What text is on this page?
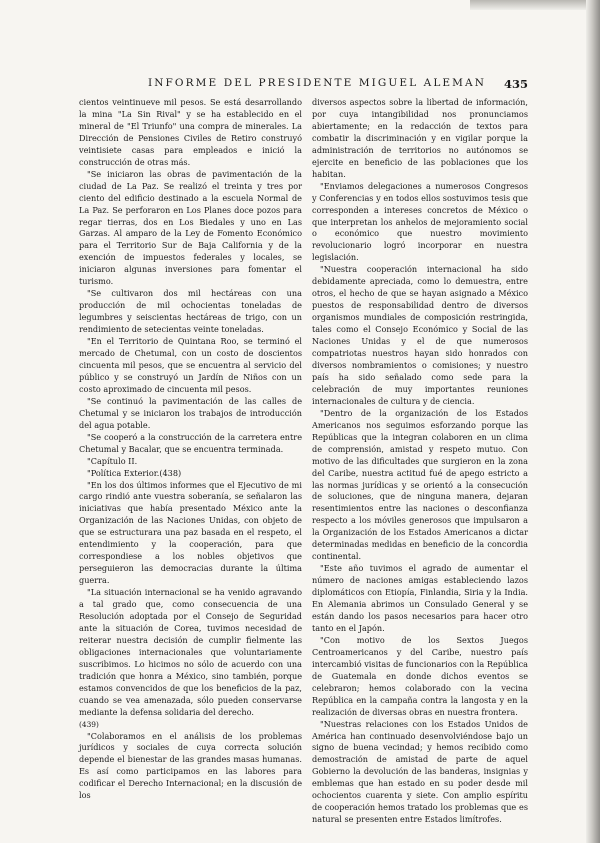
INFORME DEL PRESIDENTE MIGUEL ALEMAN 435

cientos veintinueve mil pesos. Se está desarrollando la mina "La Sin Rival" y se ha establecido en el mineral de "El Triunfo" una compra de minerales. La Dirección de Pensiones Civiles de Retiro construyó veintisiete casas para empleados e inició la construcción de otras más.

"Se iniciaron las obras de pavimentación de la ciudad de La Paz. Se realizó el treinta y tres por ciento del edificio destinado a la escuela Normal de La Paz. Se perforaron en Los Planes doce pozos para regar tierras, dos en Los Biedales y uno en Las Garzas. Al amparo de la Ley de Fomento Económico para el Territorio Sur de Baja California y de la exención de impuestos federales y locales, se iniciaron algunas inversiones para fomentar el turismo.

"Se cultivaron dos mil hectáreas con una producción de mil ochocientas toneladas de legumbres y seiscientas hectáreas de trigo, con un rendimiento de setecientas veinte toneladas.

"En el Territorio de Quintana Roo, se terminó el mercado de Chetumal, con un costo de doscientos cincuenta mil pesos, que se encuentra al servicio del público y se construyó un Jardín de Niños con un costo aproximado de cincuenta mil pesos.

"Se continuó la pavimentación de las calles de Chetumal y se iniciaron los trabajos de introducción del agua potable.

"Se cooperó a la construcción de la carretera entre Chetumal y Bacalar, que se encuentra terminada.

"Capítulo II.

"Política Exterior.(438)

"En los dos últimos informes que el Ejecutivo de mi cargo rindió ante vuestra soberanía, se señalaron las iniciativas que había presentado México ante la Organización de las Naciones Unidas, con objeto de que se estructurara una paz basada en el respeto, el entendimiento y la cooperación, para que correspondiese a los nobles objetivos que perseguieron las democracias durante la última guerra.

"La situación internacional se ha venido agravando a tal grado que, como consecuencia de una Resolución adoptada por el Consejo de Seguridad ante la situación de Corea, tuvimos necesidad de reiterar nuestra decisión de cumplir fielmente las obligaciones internacionales que voluntariamente suscribimos. Lo hicimos no sólo de acuerdo con una tradición que honra a México, sino también, porque estamos convencidos de que los beneficios de la paz, cuando se vea amenazada, sólo pueden conservarse mediante la defensa solidaria del derecho.

(439)

"Colaboramos en el análisis de los problemas jurídicos y sociales de cuya correcta solución depende el bienestar de las grandes masas humanas. Es así como participamos en las labores para codificar el Derecho Internacional; en la discusión de los

diversos aspectos sobre la libertad de información, por cuya intangibilidad nos pronunciamos abiertamente; en la redacción de textos para combatir la discriminación y en vigilar porque la administración de territorios no autónomos se ejercite en beneficio de las poblaciones que los habitan.

"Enviamos delegaciones a numerosos Congresos y Conferencias y en todos ellos sostuvimos tesis que corresponden a intereses concretos de México o que interpretan los anhelos de mejoramiento social o económico que nuestro movimiento revolucionario logró incorporar en nuestra legislación.

"Nuestra cooperación internacional ha sido debidamente apreciada, como lo demuestra, entre otros, el hecho de que se hayan asignado a México puestos de responsabilidad dentro de diversos organismos mundiales de composición restringida, tales como el Consejo Económico y Social de las Naciones Unidas y el de que numerosos compatriotas nuestros hayan sido honrados con diversos nombramientos o comisiones; y nuestro país ha sido señalado como sede para la celebración de muy importantes reuniones internacionales de cultura y de ciencia.

"Dentro de la organización de los Estados Americanos nos seguimos esforzando porque las Repúblicas que la integran colaboren en un clima de comprensión, amistad y respeto mutuo. Con motivo de las dificultades que surgieron en la zona del Caribe, nuestra actitud fué de apego estricto a las normas jurídicas y se orientó a la consecución de soluciones, que de ninguna manera, dejaran resentimientos entre las naciones o desconfianza respecto a los móviles generosos que impulsaron a la Organización de los Estados Americanos a dictar determinadas medidas en beneficio de la concordia continental.

"Este año tuvimos el agrado de aumentar el número de naciones amigas estableciendo lazos diplomáticos con Etiopía, Finlandia, Siria y la India. En Alemania abrimos un Consulado General y se están dando los pasos necesarios para hacer otro tanto en el Japón.

"Con motivo de los Sextos Juegos Centroamericanos y del Caribe, nuestro país intercambió visitas de funcionarios con la República de Guatemala en donde dichos eventos se celebraron; hemos colaborado con la vecina República en la campaña contra la langosta y en la realización de diversas obras en nuestra frontera.

"Nuestras relaciones con los Estados Unidos de América han continuado desenvolviéndose bajo un signo de buena vecindad; y hemos recibido como demostración de amistad de parte de aquel Gobierno la devolución de las banderas, insignias y emblemas que han estado en su poder desde mil ochocientos cuarenta y siete. Con amplio espíritu de cooperación hemos tratado los problemas que es natural se presenten entre Estados limítrofes.
